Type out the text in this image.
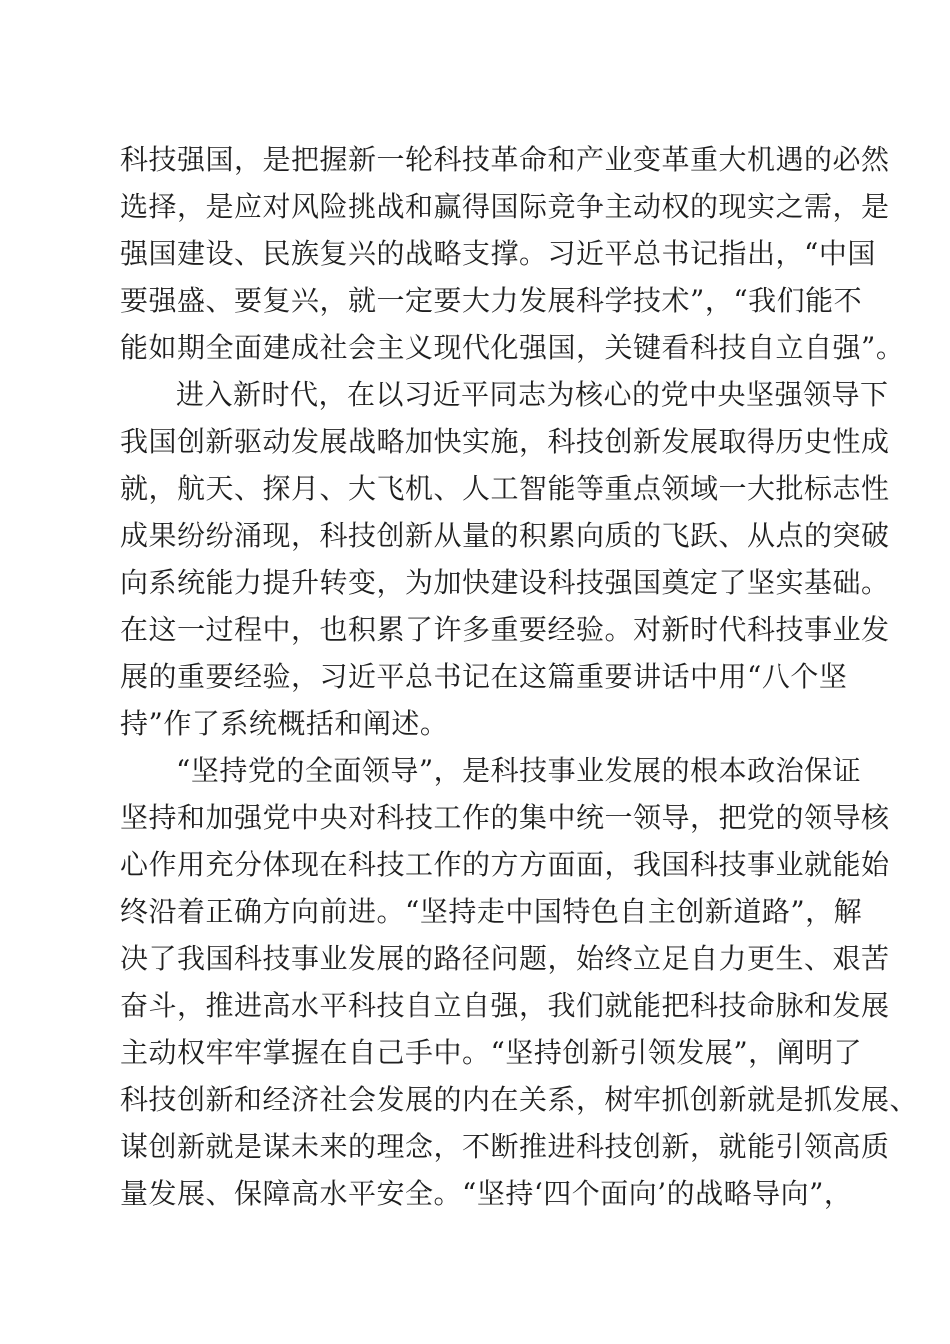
科技强国，是把握新一轮科技革命和产业变革重大机遇的必然
选择，是应对风险挑战和赢得国际竞争主动权的现实之需，是
强国建设、民族复兴的战略支撑。习近平总书记指出，“中国
要强盛、要复兴，就一定要大力发展科学技术”，“我们能不
能如期全面建成社会主义现代化强国，关键看科技自立自强”。
进入新时代，在以习近平同志为核心的党中央坚强领导下
我国创新驱动发展战略加快实施，科技创新发展取得历史性成
就，航天、探月、大飞机、人工智能等重点领域一大批标志性
成果纷纷涌现，科技创新从量的积累向质的飞跃、从点的突破
向系统能力提升转变，为加快建设科技强国奠定了坚实基础。
在这一过程中，也积累了许多重要经验。对新时代科技事业发
展的重要经验，习近平总书记在这篇重要讲话中用“八个坚
持”作了系统概括和阐述。
“坚持党的全面领导”，是科技事业发展的根本政治保证
坚持和加强党中央对科技工作的集中统一领导，把党的领导核
心作用充分体现在科技工作的方方面面，我国科技事业就能始
终沿着正确方向前进。“坚持走中国特色自主创新道路”，解
决了我国科技事业发展的路径问题，始终立足自力更生、艰苦
奋斗，推进高水平科技自立自强，我们就能把科技命脉和发展
主动权牢牢掌握在自己手中。“坚持创新引领发展”，阐明了
科技创新和经济社会发展的内在关系，树牢抓创新就是抓发展、
谋创新就是谋未来的理念，不断推进科技创新，就能引领高质
量发展、保障高水平安全。“坚持‘四个面向’的战略导向”，
